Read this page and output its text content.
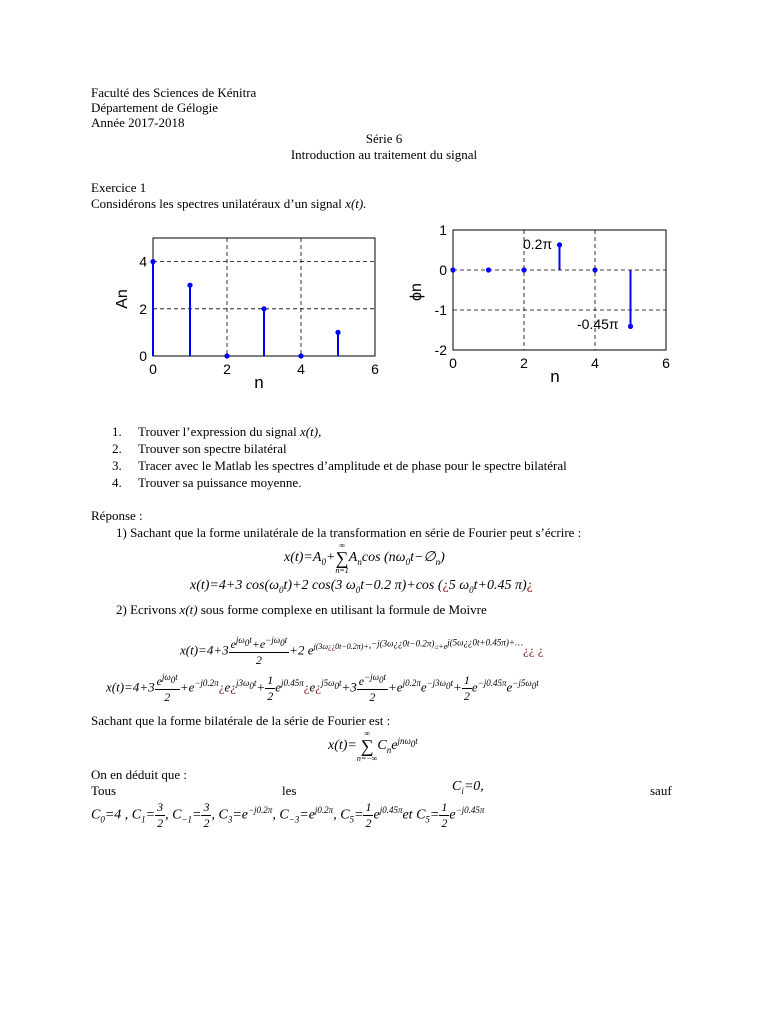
Faculté des Sciences de Kénitra
Département de Gélogie
Année 2017-2018
Série 6
Introduction au traitement du signal
Exercice 1
Considérons les spectres unilatéraux d’un signal x(t).
0	2	4	6
0
2
4
n
An
0	2	4	6
1
0
-1
-2
n
ϕn
0.2π
-0.45π
1. Trouver l’expression du signal x(t),
2. Trouver son spectre bilatéral
3. Tracer avec le Matlab les spectres d’amplitude et de phase pour le spectre bilatéral
4. Trouver sa puissance moyenne.
Réponse :
1) Sachant que la forme unilatérale de la transformation en série de Fourier peut s’écrire :
$x(t)=A_0+\infty$
∑
$n=1A_n\cos$ $(n\omega_0t-\emptyset_n)$
x(t)=4+3 $\cos(\omega_0t)+2$ cos(3 $\omega_0t-0.2$ π)+cos (¿5 $\omega_0t+0.45$ π)¿
2) Ecrivons x(t) sous forme complexe en utilisant la formule de Moivre
x(t)=4+3 $e^{j\omega_0t}+e^{-j\omega_0t}$
2
+2 $e^{j(3\omega¿¿0t-0.2\pi)+e^{-j(3\omega¿¿0t-0.2\pi)}/2+e^{j(5\omega¿¿0t+0.45\pi)+\dots}}¿¿$ ¿
x(t)=4+3 $e^{j\omega_0t}$
2
$+e^{-j0.2\pi}¿e¿^{j3\omega_0t}+ \frac{1}{2}$ $e^{j0.45\pi}¿e¿^{j5\omega_0t}+3 \frac{e^{-j\omega_0t}}{2} +e^{j0.2\pi}e^{-j3\omega_0t}+ \frac{1}{2} e^{-j0.45\pi}e^{-j5\omega_0t}$
Sachant que la forme bilatérale de la série de Fourier est :
x(t)=∞
∑
$n=-\infty C_ne^{jn\omega_0t}$
On en déduit que :
Tous	les	$C_i=0$,	sauf
$C_0=4$ , $C_1= \frac{3}{2}$ , $C_{-1}= \frac{3}{2}$ , $C_3=e^{-j0.2\pi}$, $C_{-3}=e^{j0.2\pi}$, $C_5= \frac{1}{2} e^{j0.45\pi}et$ $C_5= \frac{1}{2} e^{-j0.45\pi}$
